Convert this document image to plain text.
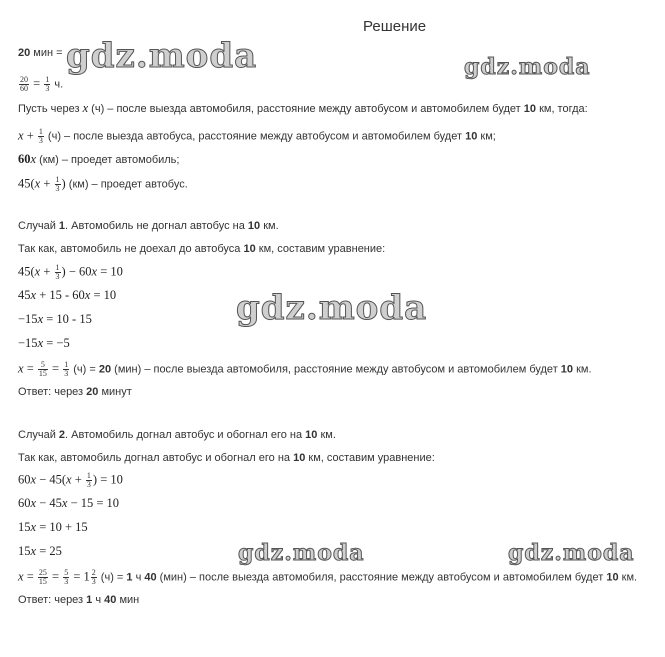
Решение
gdz.moda	gdz.moda
gdz.moda
gdz.moda	gdz.moda
20 мин =
$\frac{20}{60} = \frac{1}{3} ч$.
Пусть через x (ч) – после выезда автомобиля, расстояние между автобусом и автомобилем будет 10 км, тогда:
$x + \frac{1}{3} (ч)$ – после выезда автобуса, расстояние между автобусом и автомобилем будет 10 км;
60x (км) – проедет автомобиль;
$45(x + \frac{1}{3}$ ) (км) – проедет автобус.
Случай 1. Автомобиль не догнал автобус на 10 км.
Так как, автомобиль не доехал до автобуса 10 км, составим уравнение:
$45(x + \frac{1}{3}$ ) − 60x = 10
45x + 15 - 60x = 10
−15x = 10 - 15
−15x = −5
$x = \frac{5}{15} = \frac{1}{3} (ч) = 20$ (мин) – после выезда автомобиля, расстояние между автобусом и автомобилем будет 10 км.
Ответ: через 20 минут
Случай 2. Автомобиль догнал автобус и обогнал его на 10 км.
Так как, автомобиль догнал автобус и обогнал его на 10 км, составим уравнение:
$60x - 45(x + \frac{1}{3}$ ) = 10
60x − 45x − 15 = 10
15x = 10 + 15
15x = 25
$x = \frac{25}{15} = \frac{5}{3} = 1 \frac{2}{3} (ч) = 1$ ч 40 (мин) – после выезда автомобиля, расстояние между автобусом и автомобилем будет 10 км.
Ответ: через 1 ч 40 мин
